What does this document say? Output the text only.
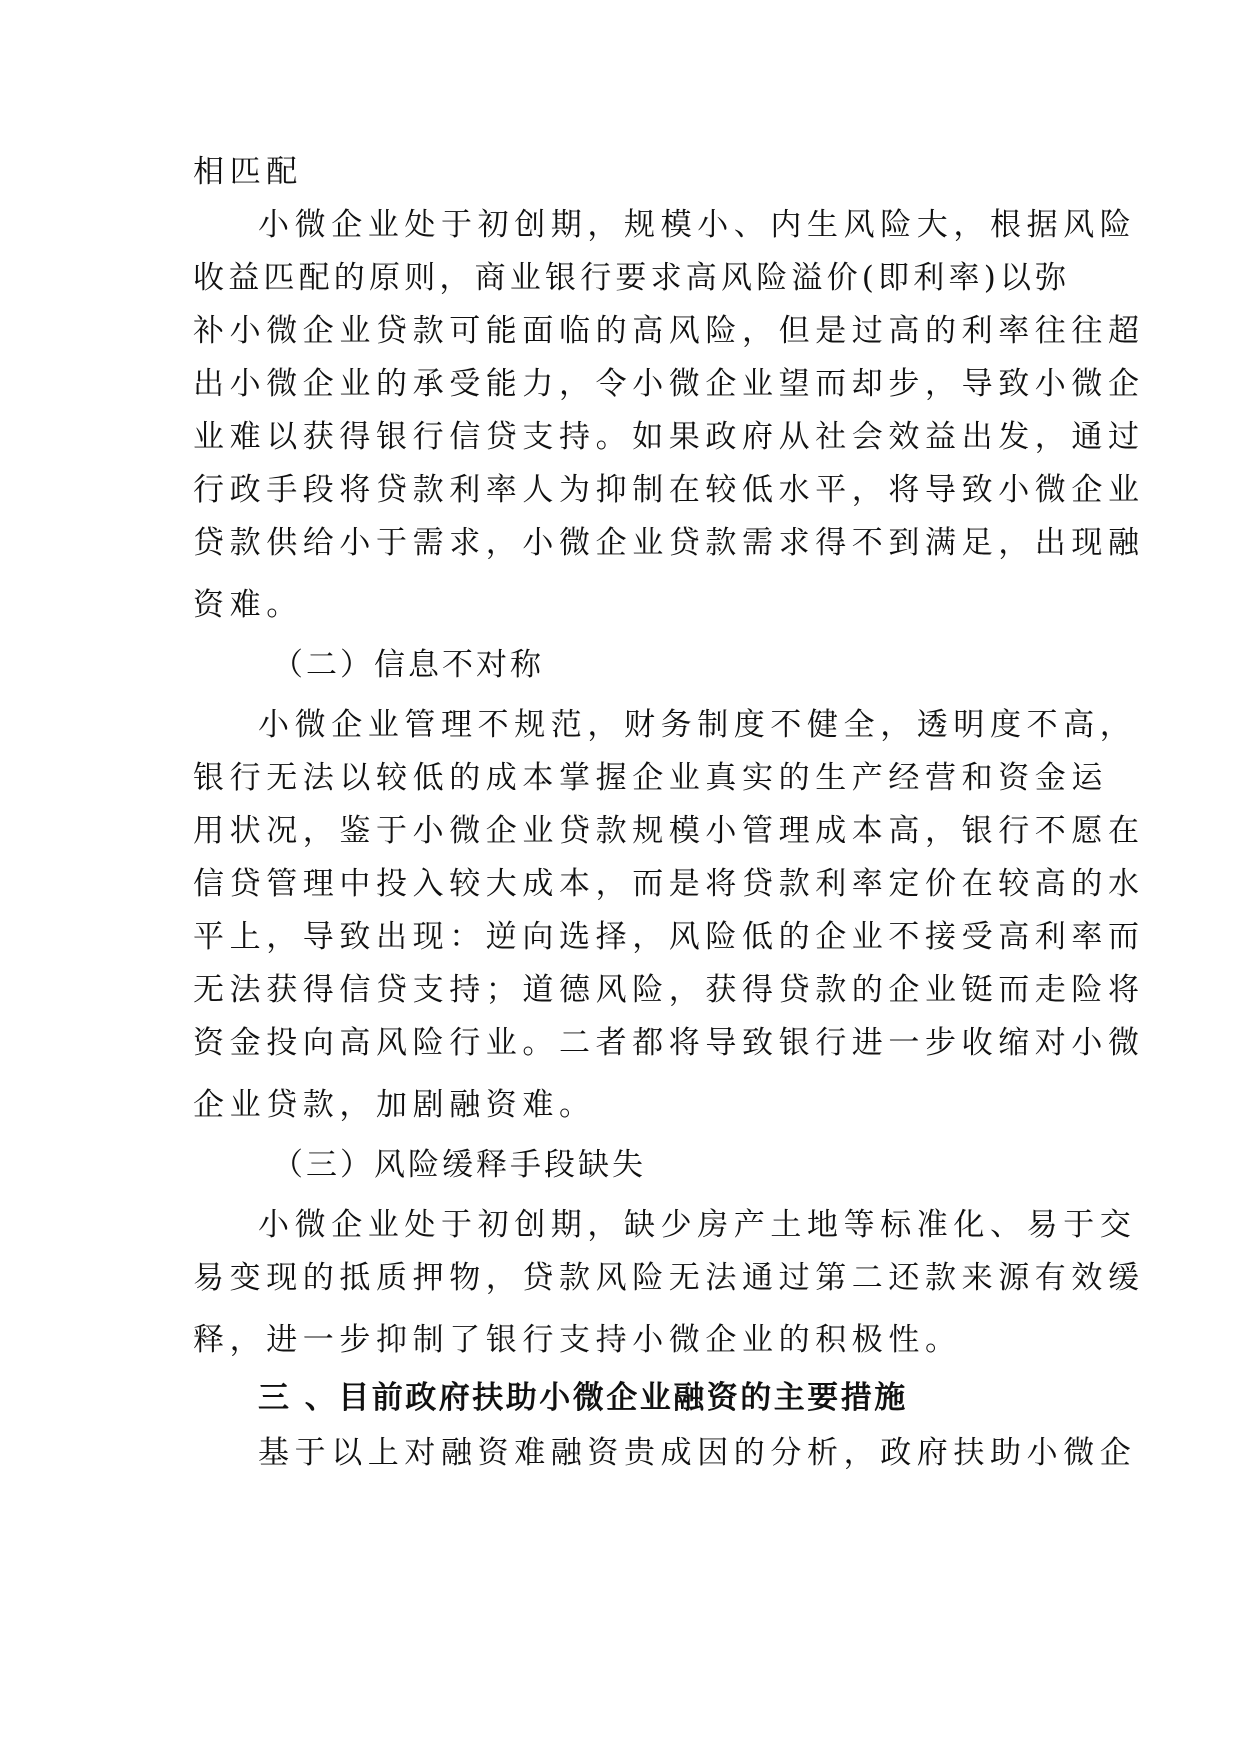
相匹配
小微企业处于初创期，规模小、内生风险大，根据风险
收益匹配的原则，商业银行要求高风险溢价(即利率)以弥
补小微企业贷款可能面临的高风险，但是过高的利率往往超
出小微企业的承受能力，令小微企业望而却步，导致小微企
业难以获得银行信贷支持。如果政府从社会效益出发，通过
行政手段将贷款利率人为抑制在较低水平，将导致小微企业
贷款供给小于需求，小微企业贷款需求得不到满足，出现融
资难。
（二）信息不对称
小微企业管理不规范，财务制度不健全，透明度不高，
银行无法以较低的成本掌握企业真实的生产经营和资金运
用状况，鉴于小微企业贷款规模小管理成本高，银行不愿在
信贷管理中投入较大成本，而是将贷款利率定价在较高的水
平上，导致出现：逆向选择，风险低的企业不接受高利率而
无法获得信贷支持；道德风险，获得贷款的企业铤而走险将
资金投向高风险行业。二者都将导致银行进一步收缩对小微
企业贷款，加剧融资难。
（三）风险缓释手段缺失
小微企业处于初创期，缺少房产土地等标准化、易于交
易变现的抵质押物，贷款风险无法通过第二还款来源有效缓
释，进一步抑制了银行支持小微企业的积极性。
三 、目前政府扶助小微企业融资的主要措施
基于以上对融资难融资贵成因的分析，政府扶助小微企
